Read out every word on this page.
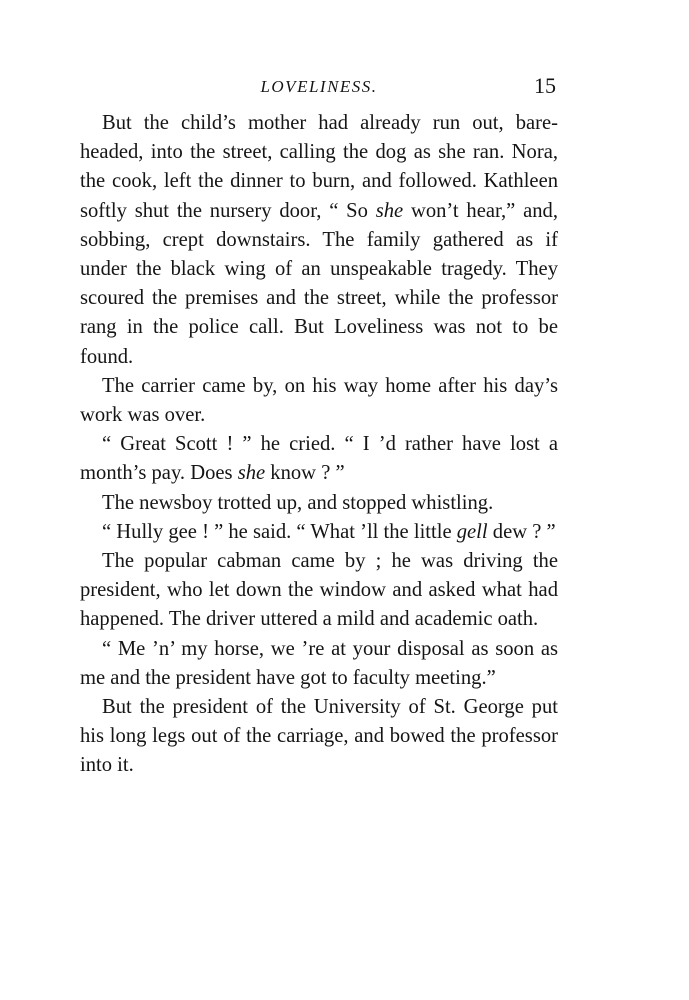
LOVELINESS.	15

But the child’s mother had already run out, bareheaded, into the street, calling the dog as she ran. Nora, the cook, left the dinner to burn, and followed. Kathleen softly shut the nursery door, “ So she won’t hear,” and, sobbing, crept downstairs. The family gathered as if under the black wing of an unspeakable tragedy. They scoured the premises and the street, while the professor rang in the police call. But Loveliness was not to be found.

The carrier came by, on his way home after his day’s work was over.

“ Great Scott ! ” he cried. “ I ’d rather have lost a month’s pay. Does she know ? ”

The newsboy trotted up, and stopped whistling.

“ Hully gee ! ” he said. “ What ’ll the little gell dew ? ”

The popular cabman came by ; he was driving the president, who let down the window and asked what had happened. The driver uttered a mild and academic oath.

“ Me ’n’ my horse, we ’re at your disposal as soon as me and the president have got to faculty meeting.”

But the president of the University of St. George put his long legs out of the carriage, and bowed the professor into it.
